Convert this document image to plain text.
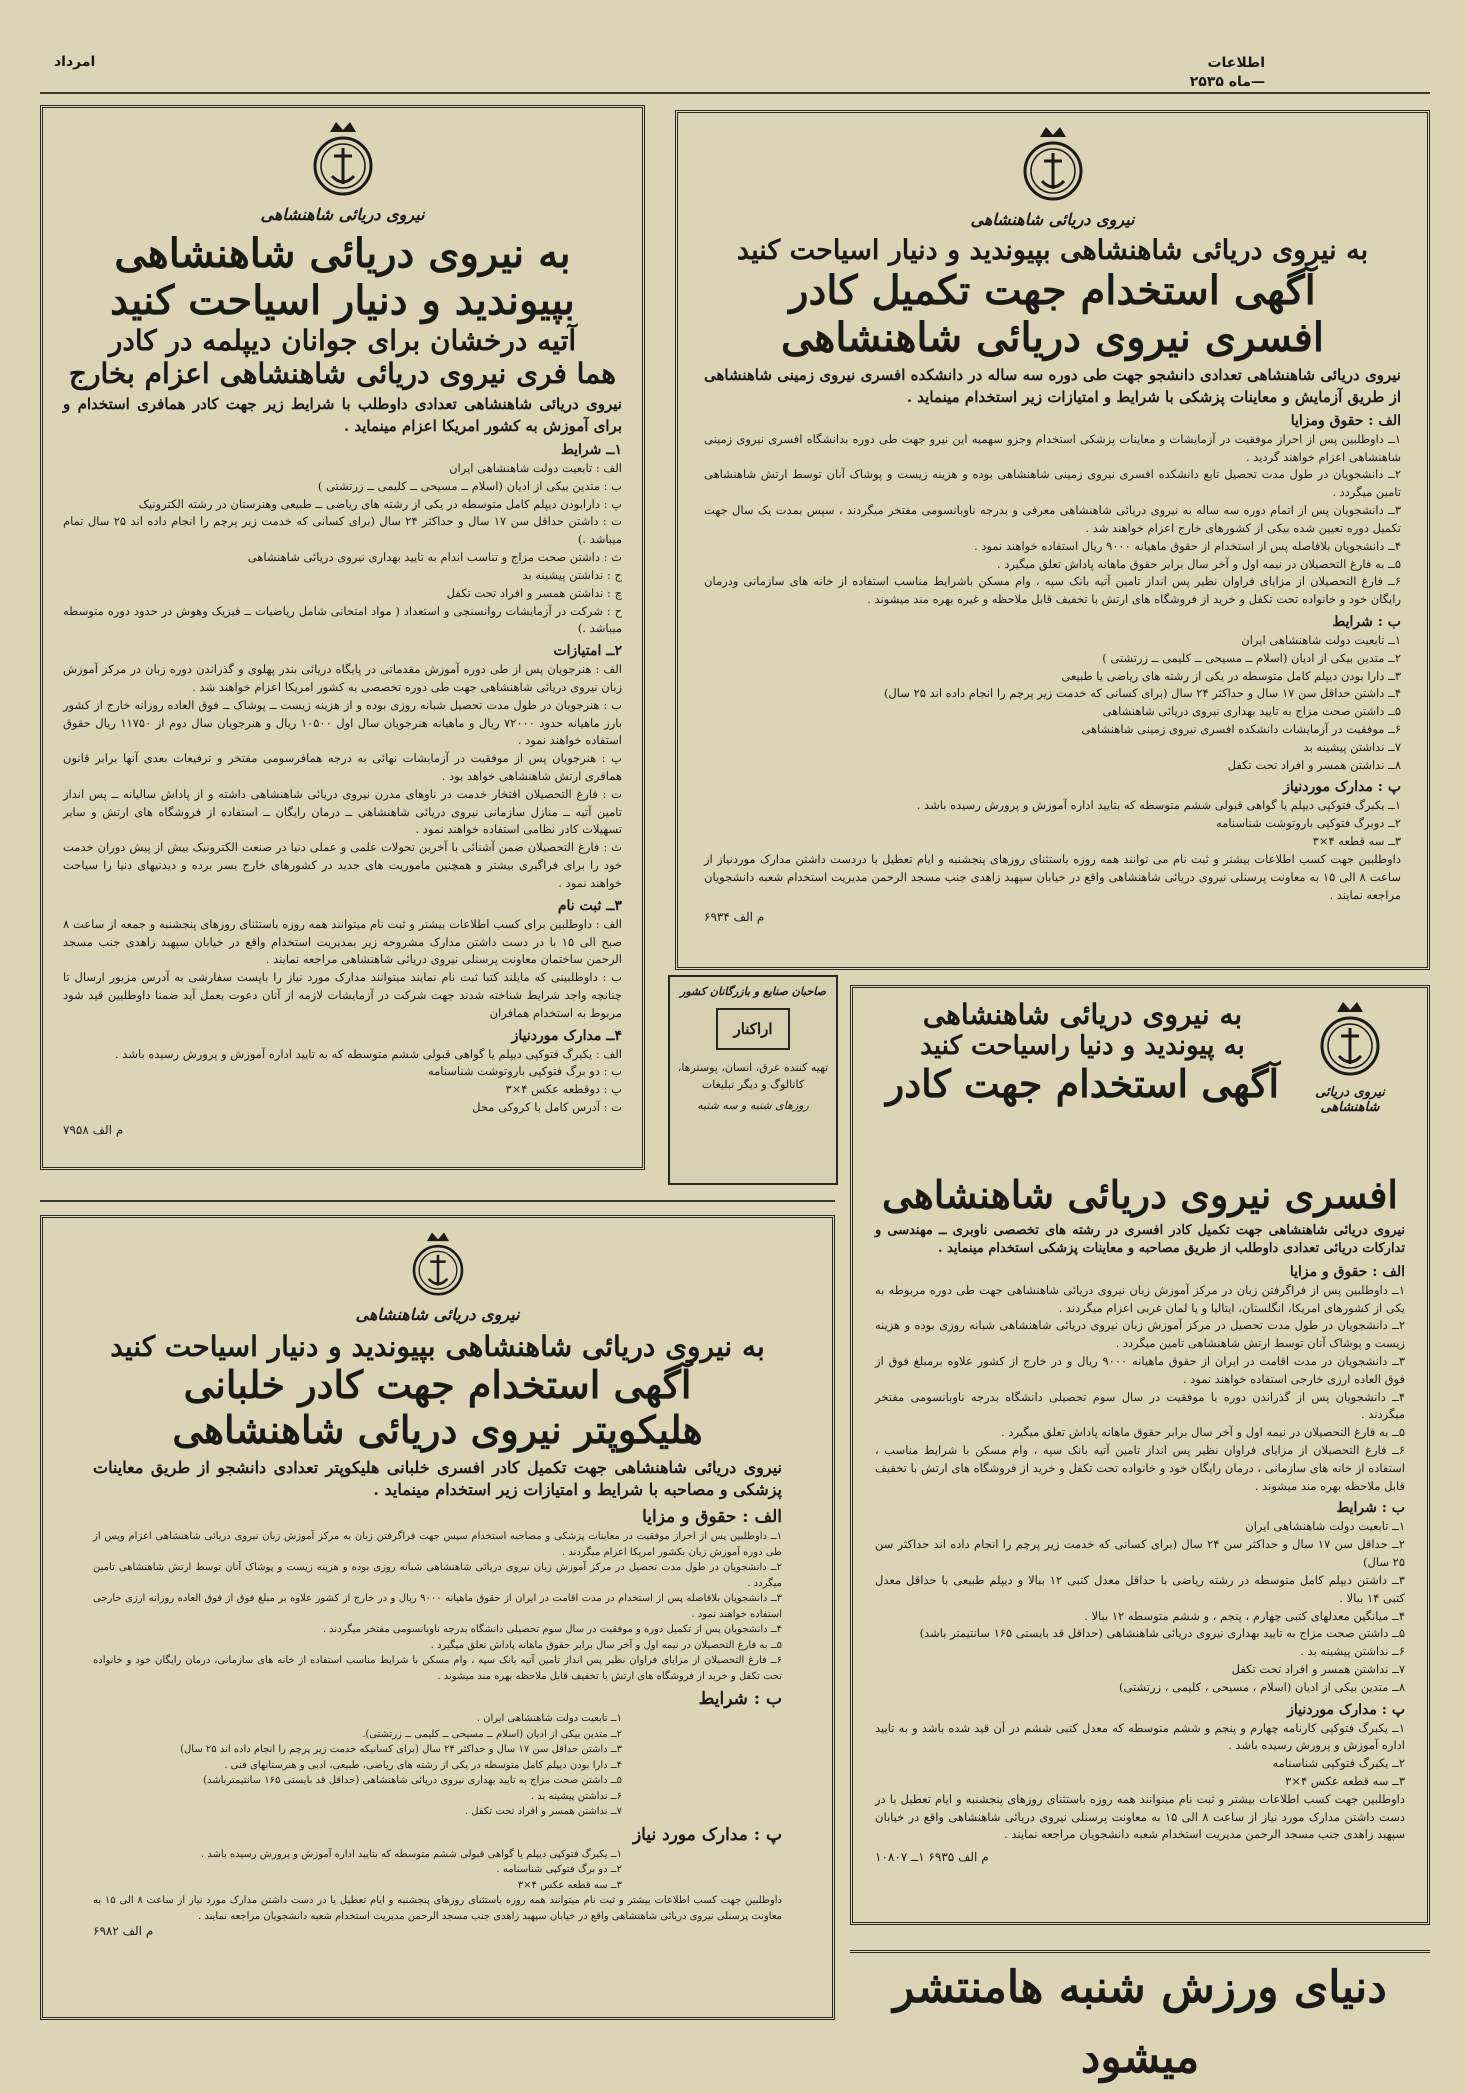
امرداد	اطلاعات
ماه ۲۵۳۵—
نیروی دریائی شاهنشاهی

به نیروی دریائی شاهنشاهی بپیوندید و دنیار اسیاحت کنید

آگهی استخدام جهت تکمیل کادر

افسری نیروی دریائی شاهنشاهی

نیروی دریائی شاهنشاهی تعدادی دانشجو جهت طی دوره سه ساله در دانشکده افسری نیروی زمینی شاهنشاهی از طریق آزمایش و معاینات پزشکی با شرایط و امتیازات زیر استخدام مینماید .

الف : حقوق ومزایا

۱ــ داوطلبین پس از احراز موفقیت در آزمایشات و معاینات پزشکی استخدام وجزو سهمیه این نیرو جهت طی دوره بدانشگاه افسری نیروی زمینی شاهنشاهی اعزام خواهند گردید .

۲ــ دانشجویان در طول مدت تحصیل تابع دانشکده افسری نیروی زمینی شاهنشاهی بوده و هزینه زیست و پوشاک آنان توسط ارتش شاهنشاهی تامین میگردد .

۳ــ دانشجویان پس از اتمام دوره سه ساله به نیروی دریائی شاهنشاهی معرفی و بدرجه ناوبانسومی مفتخر میگردند ، سپس بمدت یک سال جهت تکمیل دوره تعیین شده بیکی از کشورهای خارج اعزام خواهند شد .

۴ــ دانشجویان بلافاصله پس از استخدام از حقوق ماهیانه ۹۰۰۰ ریال استفاده خواهند نمود .

۵ــ به فارغ التحصیلان در نیمه اول و آخر سال برابر حقوق ماهانه پاداش تعلق میگیرد .

۶ــ فارغ التحصیلان از مزایای فراوان نظیر پس انداز تامین آتیه بانک سپه ، وام مسکن باشرایط مناسب استفاده از خانه های سازمانی ودرمان رایگان خود و خانواده تحت تکفل و خرید از فروشگاه های ارتش با تخفیف قابل ملاحظه و غیره بهره مند میشوند .

ب : شرایط

۱ــ تابعیت دولت شاهنشاهی ایران

۲ــ متدین بیکی از ادیان (اسلام ــ مسیحی ــ کلیمی ــ زرتشتی )

۳ــ دارا بودن دیپلم کامل متوسطه در یکی از رشته های ریاضی یا طبیعی

۴ــ داشتن حداقل سن ۱۷ سال و حداکثر ۲۴ سال (برای کسانی که خدمت زیر پرچم را انجام داده اند ۲۵ سال)

۵ــ داشتن صحت مزاج به تایید بهداری نیروی دریائی شاهنشاهی

۶ــ موفقیت در آزمایشات دانشکده افسری نیروی زمینی شاهنشاهی

۷ــ نداشتن پیشینه بد

۸ــ نداشتن همسر و افراد تحت تکفل

پ : مدارک موردنیاز

۱ــ یکبرگ فتوکپی دیپلم یا گواهی قبولی ششم متوسطه که بتایید اداره آموزش و پرورش رسیده باشد .

۲ــ دوبرگ فتوکپی باروتوشت شناسنامه

۳ــ سه قطعه ۴×۳

داوطلبین جهت کسب اطلاعات بیشتر و ثبت نام می توانند همه روزه باستثنای روزهای پنجشنبه و ایام تعطیل با دردست داشتن مدارک موردنیاز از ساعت ۸ الی ۱۵ به معاونت پرسنلی نیروی دریائی شاهنشاهی واقع در خیابان سپهبد زاهدی جنب مسجد الرحمن مدیریت استخدام شعبه دانشجویان مراجعه نمایند .

م الف ۶۹۳۴

نیروی دریائی شاهنشاهی

به نیروی دریائی شاهنشاهی

بپیوندید و دنیار اسیاحت کنید

آتیه درخشان برای جوانان دیپلمه در کادر

هما فری نیروی دریائی شاهنشاهی اعزام بخارج

نیروی دریائی شاهنشاهی تعدادی داوطلب با شرایط زیر جهت کادر همافری استخدام و برای آموزش به کشور امریکا اعزام مینماید .

۱ــ شرایط

الف : تابعیت دولت شاهنشاهی ایران

ب : متدین بیکی از ادیان (اسلام ــ مسیحی ــ کلیمی ــ زرتشتی )

پ : دارابودن دیپلم کامل متوسطه در یکی از رشته های ریاضی ــ طبیعی وهنرستان در رشته الکترونیک

ت : داشتن حداقل سن ۱۷ سال و حداکثر ۲۴ سال (برای کسانی که خدمت زیر پرچم را انجام داده اند ۲۵ سال تمام میباشد .)

ث : داشتن صحت مزاج و تناسب اندام به تایید بهداری نیروی دریائی شاهنشاهی

ج : نداشتن پیشینه بد

چ : نداشتن همسر و افراد تحت تکفل

ح : شرکت در آزمایشات روانسنجی و استعداد ( مواد امتحانی شامل ریاضیات ــ فیزیک وهوش در حدود دوره متوسطه میباشد .)

۲ــ امتیازات

الف : هنرجویان پس از طی دوره آموزش مقدماتی در پایگاه دریائی بندر پهلوی و گذراندن دوره زبان در مرکز آموزش زبان نیروی دریائی شاهنشاهی جهت طی دوره تخصصی به کشور امریکا اعزام خواهند شد .

ب : هنرجویان در طول مدت تحصیل شبانه روزی بوده و از هزینه زیست ــ پوشاک ــ فوق العاده روزانه خارج از کشور بارز ماهیانه حدود ۷۲۰۰۰ ریال و ماهیانه هنرجویان سال اول ۱۰۵۰۰ ریال و هنرجویان سال دوم از ۱۱۷۵۰ ریال حقوق استفاده خواهند نمود .

پ : هنرجویان پس از موفقیت در آزمایشات نهائی به درجه همافرسومی مفتخر و ترفیعات بعدی آنها برابر قانون همافری ارتش شاهنشاهی خواهد بود .

ت : فارغ التحصیلان افتخار خدمت در ناوهای مدرن نیروی دریائی شاهنشاهی داشته و از پاداش سالیانه ــ پس انداز تامین آتیه ــ منازل سازمانی نیروی دریائی شاهنشاهی ــ درمان رایگان ــ استفاده از فروشگاه های ارتش و سایر تسهیلات کادر نظامی استفاده خواهند نمود .

ث : فارغ التحصیلان ضمن آشنائی با آخرین تحولات علمی و عملی دنیا در صنعت الکترونیک بیش از پیش دوران خدمت خود را برای فراگیری بیشتر و همچنین ماموریت های جدید در کشورهای خارج بسر برده و دیدنیهای دنیا را سیاحت خواهند نمود .

۳ــ ثبت نام

الف : داوطلبین برای کسب اطلاعات بیشتر و ثبت نام میتوانند همه روزه باستثنای روزهای پنجشنبه و جمعه از ساعت ۸ صبح الی ۱۵ با در دست داشتن مدارک مشروحه زیر بمدیریت استخدام واقع در خیابان سپهبد زاهدی جنب مسجد الرحمن ساختمان معاونت پرسنلی نیروی دریائی شاهنشاهی مراجعه نمایند .

ب : داوطلبینی که مایلند کتبا ثبت نام نمایند میتوانند مدارک مورد نیاز را باپست سفارشی به آدرس مزبور ارسال تا چنانچه واجد شرایط شناخته شدند جهت شرکت در آزمایشات لازمه از آنان دعوت بعمل آید ضمنا داوطلبین قید شود مربوط به استخدام همافران

۴ــ مدارک موردنیاز

الف : یکبرگ فتوکپی دیپلم یا گواهی قبولی ششم متوسطه که به تایید اداره آموزش و پرورش رسیده باشد .

ب : دو برگ فتوکپی باروتوشت شناسنامه

پ : دوقطعه عکس ۴×۳

ت : آدرس کامل با کروکی محل

م الف ۷۹۵۸

صاحبان صنایع و بازرگانان کشور
اراکنار
تهیه کننده عرق، انسان، پوسترها، کاتالوگ و دیگر تبلیغات
روزهای شنبه و سه شنبه
نیروی دریائی شاهنشاهی

به نیروی دریائی شاهنشاهی

به پیوندید و دنیا راسیاحت کنید

آگهی استخدام جهت کادر

افسری نیروی دریائی شاهنشاهی

نیروی دریائی شاهنشاهی جهت تکمیل کادر افسری در رشته های تخصصی ناوبری ــ مهندسی و تدارکات دریائی تعدادی داوطلب از طریق مصاحبه و معاینات پزشکی استخدام مینماید .

الف : حقوق و مزایا

۱ــ داوطلبین پس از فراگرفتن زبان در مرکز آموزش زبان نیروی دریائی شاهنشاهی جهت طی دوره مربوطه به یکی از کشورهای امریکا، انگلستان، ایتالیا و یا لمان غربی اعزام میگردند .

۲ــ دانشجویان در طول مدت تحصیل در مرکز آموزش زبان نیروی دریائی شاهنشاهی شبانه روزی بوده و هزینه زیست و پوشاک آنان توسط ارتش شاهنشاهی تامین میگردد .

۳ــ دانشجویان در مدت اقامت در ایران از حقوق ماهیانه ۹۰۰۰ ریال و در خارج از کشور علاوه برمبلغ فوق از فوق العاده ارزی خارجی استفاده خواهند نمود .

۴ــ دانشجویان پس از گذراندن دوره با موفقیت در سال سوم تحصیلی دانشگاه بدرجه ناوبانسومی مفتخر میگردند .

۵ــ به فارغ التحصیلان در نیمه اول و آخر سال برابر حقوق ماهانه پاداش تعلق میگیرد .

۶ــ فارغ التحصیلان از مزایای فراوان نظیر پس انداز تامین آتیه بانک سپه ، وام مسکن با شرایط مناسب ، استفاده از خانه های سازمانی ، درمان رایگان خود و خانواده تحت تکفل و خرید از فروشگاه های ارتش با تخفیف قابل ملاحظه بهره مند میشوند .

ب : شرایط

۱ــ تابعیت دولت شاهنشاهی ایران

۲ــ حداقل سن ۱۷ سال و حداکثر سن ۲۴ سال (برای کسانی که خدمت زیر پرچم را انجام داده اند حداکثر سن ۲۵ سال)

۳ــ داشتن دیپلم کامل متوسطه در رشته ریاضی با حداقل معدل کتبی ۱۲ ببالا و دیپلم طبیعی با حداقل معدل کتبی ۱۴ ببالا .

۴ــ میانگین معدلهای کتبی چهارم ، پنجم ، و ششم متوسطه ۱۲ ببالا .

۵ــ داشتن صحت مزاج به تایید بهداری نیروی دریائی شاهنشاهی (حداقل قد بایستی ۱۶۵ سانتیمتر باشد)

۶ــ نداشتن پیشینه بد .

۷ــ نداشتن همسر و افراد تحت تکفل

۸ــ متدین بیکی از ادیان (اسلام ، مسیحی ، کلیمی ، زرتشتی)

پ : مدارک موردنیاز

۱ــ یکبرگ فتوکپی کارنامه چهارم و پنجم و ششم متوسطه که معدل کتبی ششم در آن قید شده باشد و به تایید اداره آموزش و پرورش رسیده باشد .

۲ــ یکبرگ فتوکپی شناسنامه

۳ــ سه قطعه عکس ۴×۳

داوطلبین جهت کسب اطلاعات بیشتر و ثبت نام میتوانند همه روزه باستثنای روزهای پنجشنبه و ایام تعطیل با در دست داشتن مدارک مورد نیاز از ساعت ۸ الی ۱۵ به معاونت پرسنلی نیروی دریائی شاهنشاهی واقع در خیابان سپهبد زاهدی جنب مسجد الرحمن مدیریت استخدام شعبه دانشجویان مراجعه نمایند .

م الف ۶۹۳۵ ۱ــ ۱۰۸۰۷

نیروی دریائی شاهنشاهی

به نیروی دریائی شاهنشاهی بپیوندید و دنیار اسیاحت کنید

آگهی استخدام جهت کادر خلبانی

هلیکوپتر نیروی دریائی شاهنشاهی

نیروی دریائی شاهنشاهی جهت تکمیل کادر افسری خلبانی هلیکوپتر تعدادی دانشجو از طریق معاینات پزشکی و مصاحبه با شرایط و امتیازات زیر استخدام مینماید .

الف : حقوق و مزایا

۱ــ داوطلبین پس از احراز موفقیت در معاینات پزشکی و مصاحبه استخدام سپس جهت فراگرفتن زبان به مرکز آموزش زبان نیروی دریائی شاهنشاهی اعزام ویس از طی دوره آموزش زبان بکشور امریکا اعزام میگردند .

۲ــ دانشجویان در طول مدت تحصیل در مرکز آموزش زبان نیروی دریائی شاهنشاهی شبانه روزی بوده و هزینه زیست و پوشاک آنان توسط ارتش شاهنشاهی تامین میگردد .

۳ــ دانشجویان بلافاصله پس از استخدام در مدت اقامت در ایران از حقوق ماهیانه ۹۰۰۰ ریال و در خارج از کشور علاوه بر مبلغ فوق از فوق العاده روزانه ارزی خارجی استفاده خواهند نمود .

۴ــ دانشجویان پس از تکمیل دوره و موفقیت در سال سوم تحصیلی دانشگاه بدرجه ناوبانسومی مفتخر میگردند .

۵ــ به فارغ التحصیلان در نیمه اول و آخر سال برابر حقوق ماهانه پاداش تعلق میگیرد .

۶ــ فارغ التحصیلان از مزایای فراوان نظیر پس انداز تامین آتیه بانک سپه ، وام مسکن با شرایط مناسب استفاده از خانه های سازمانی، درمان رایگان خود و خانواده تحت تکفل و خرید از فروشگاه های ارتش با تخفیف قابل ملاحظه بهره مند میشوند .

ب : شرایط

۱ــ تابعیت دولت شاهنشاهی ایران .

۲ــ متدین بیکی از ادیان (اسلام ــ مسیحی ــ کلیمی ــ زرتشتی).

۳ــ داشتن حداقل سن ۱۷ سال و حداکثر ۲۴ سال (برای کسانیکه خدمت زیر پرچم را انجام داده اند ۲۵ سال)

۴ــ دارا بودن دیپلم کامل متوسطه در یکی از رشته های ریاضی، طبیعی، ادبی و هنرستانهای فنی .

۵ــ داشتن صحت مزاج به تایید بهداری نیروی دریائی شاهنشاهی (حداقل قد بایستی ۱۶۵ سانتیمترباشد)

۶ــ نداشتن پیشینه بد .

۷ــ نداشتن همسر و افراد تحت تکفل .

پ : مدارک مورد نیاز

۱ــ یکبرگ فتوکپی دیپلم یا گواهی قبولی ششم متوسطه که بتایید اداره آموزش و پرورش رسیده باشد .

۲ــ دو برگ فتوکپی شناسنامه .

۳ــ سه قطعه عکس ۴×۳

داوطلبین جهت کسب اطلاعات بیشتر و ثبت نام میتوانند همه روزه باستثنای روزهای پنجشنبه و ایام تعطیل با در دست داشتن مدارک مورد نیاز از ساعت ۸ الی ۱۵ به معاونت پرسنلی نیروی دریائی شاهنشاهی واقع در خیابان سپهبد زاهدی جنب مسجد الرحمن مدیریت استخدام شعبه دانشجویان مراجعه نمایند .

م الف ۶۹۸۲

دنیای ورزش شنبه هامنتشر میشود
